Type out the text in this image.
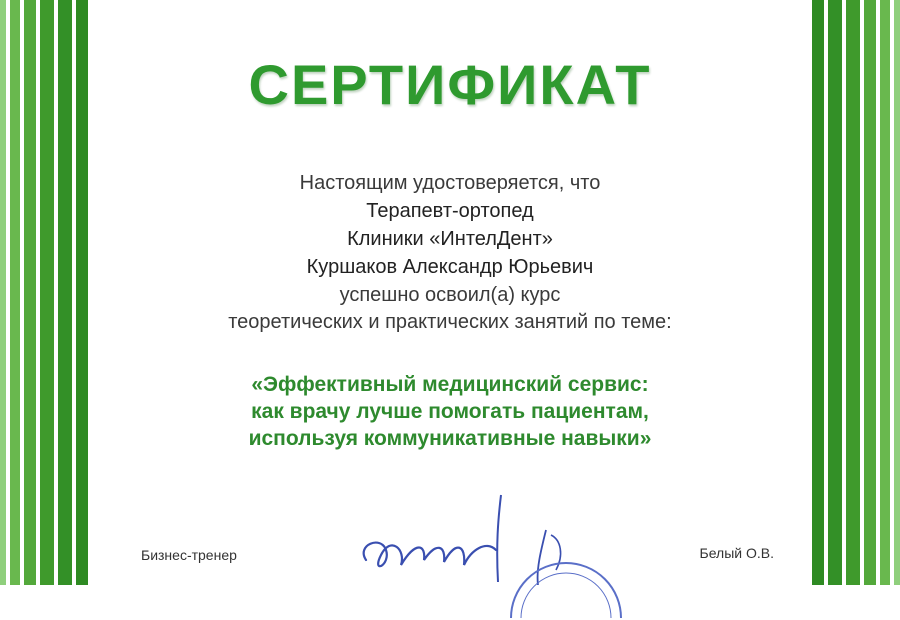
СЕРТИФИКАТ
Настоящим удостоверяется, что
Терапевт-ортопед
Клиники «ИнтелДент»
Куршаков Александр Юрьевич
успешно освоил(а) курс
теоретических и практических занятий по теме:
«Эффективный медицинский сервис:
как врачу лучше помогать пациентам,
используя коммуникативные навыки»
Бизнес-тренер	Белый О.В.
